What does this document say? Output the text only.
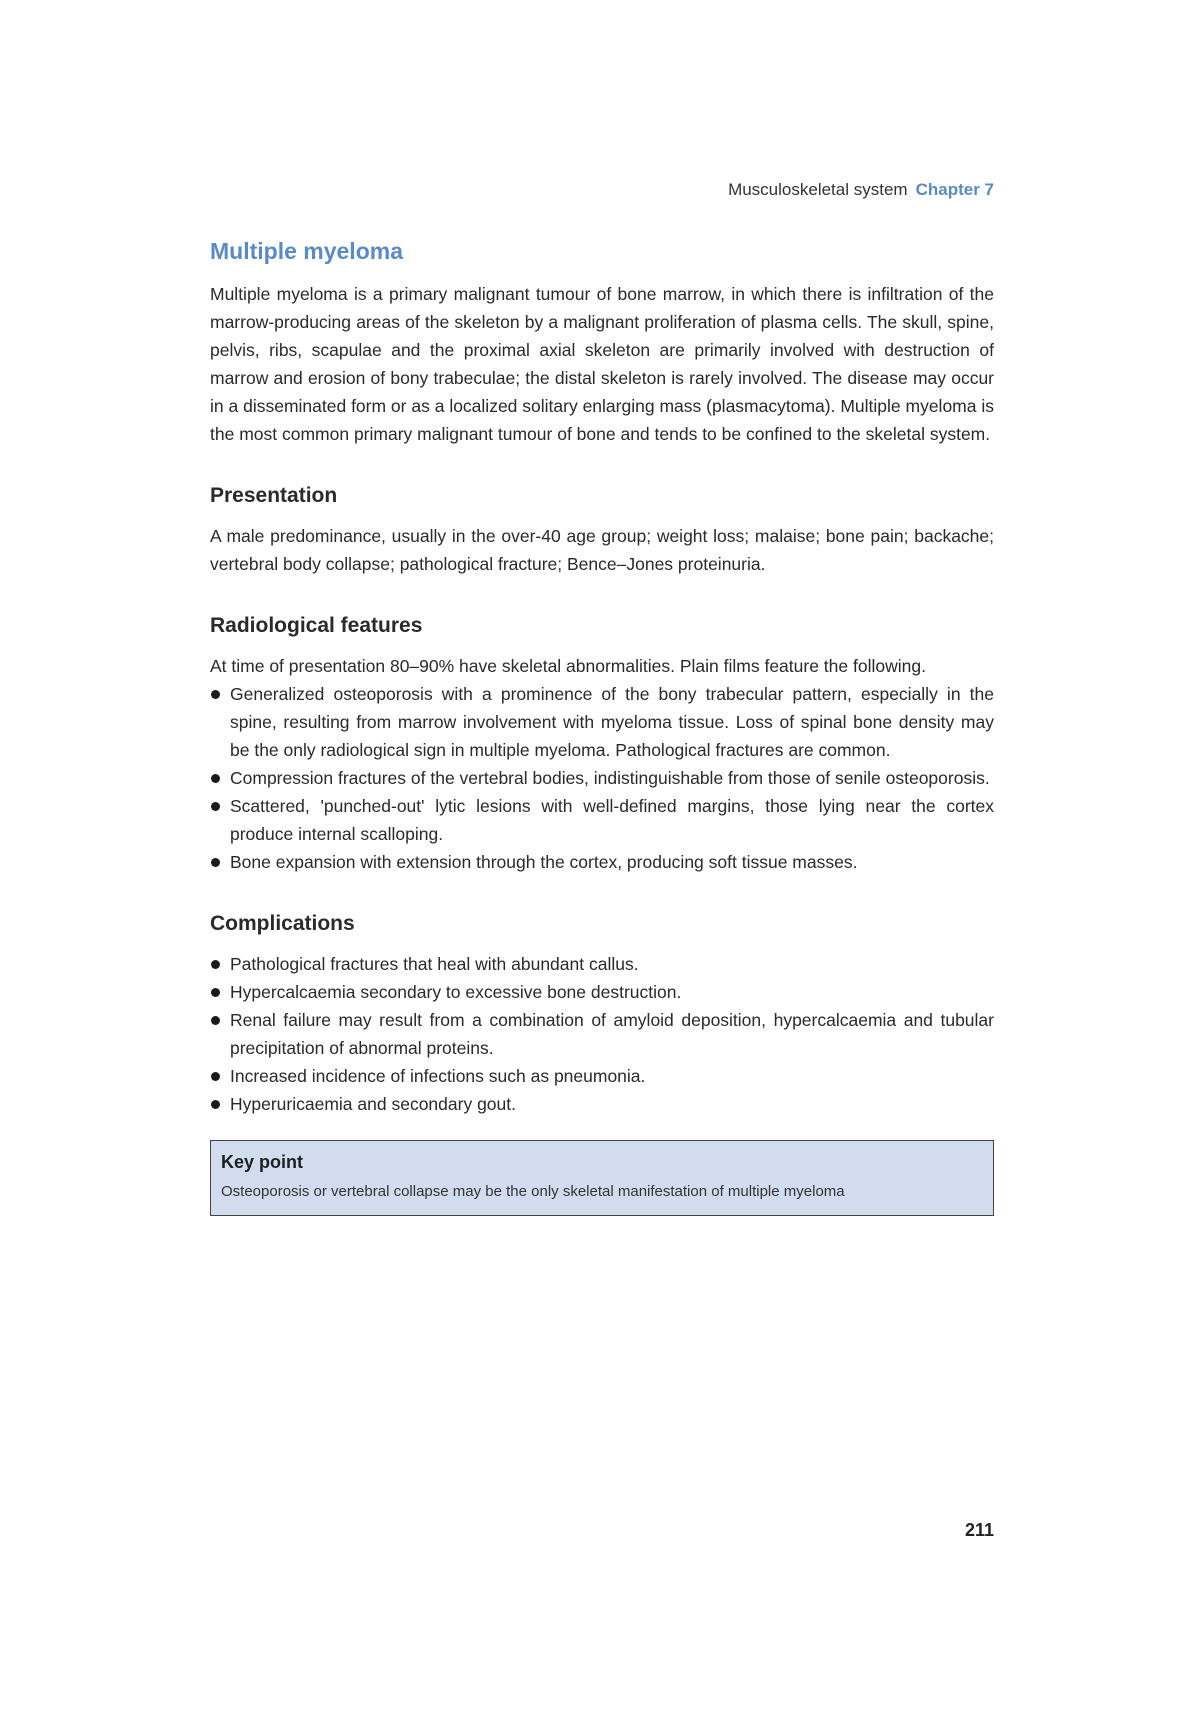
Musculoskeletal system Chapter 7
Multiple myeloma

Multiple myeloma is a primary malignant tumour of bone marrow, in which there is infiltration of the marrow-producing areas of the skeleton by a malignant proliferation of plasma cells. The skull, spine, pelvis, ribs, scapulae and the proximal axial skeleton are primarily involved with destruction of marrow and erosion of bony trabeculae; the distal skeleton is rarely involved. The disease may occur in a disseminated form or as a localized solitary enlarging mass (plasmacytoma). Multiple myeloma is the most common primary malignant tumour of bone and tends to be confined to the skeletal system.

Presentation

A male predominance, usually in the over-40 age group; weight loss; malaise; bone pain; backache; vertebral body collapse; pathological fracture; Bence–Jones proteinuria.

Radiological features

At time of presentation 80–90% have skeletal abnormalities. Plain films feature the following.

Generalized osteoporosis with a prominence of the bony trabecular pattern, especially in the spine, resulting from marrow involvement with myeloma tissue. Loss of spinal bone density may be the only radiological sign in multiple myeloma. Pathological fractures are common.
Compression fractures of the vertebral bodies, indistinguishable from those of senile osteoporosis.
Scattered, 'punched-out' lytic lesions with well-defined margins, those lying near the cortex produce internal scalloping.
Bone expansion with extension through the cortex, producing soft tissue masses.
Complications
Pathological fractures that heal with abundant callus.
Hypercalcaemia secondary to excessive bone destruction.
Renal failure may result from a combination of amyloid deposition, hypercalcaemia and tubular precipitation of abnormal proteins.
Increased incidence of infections such as pneumonia.
Hyperuricaemia and secondary gout.
Key point
Osteoporosis or vertebral collapse may be the only skeletal manifestation of multiple myeloma
211
